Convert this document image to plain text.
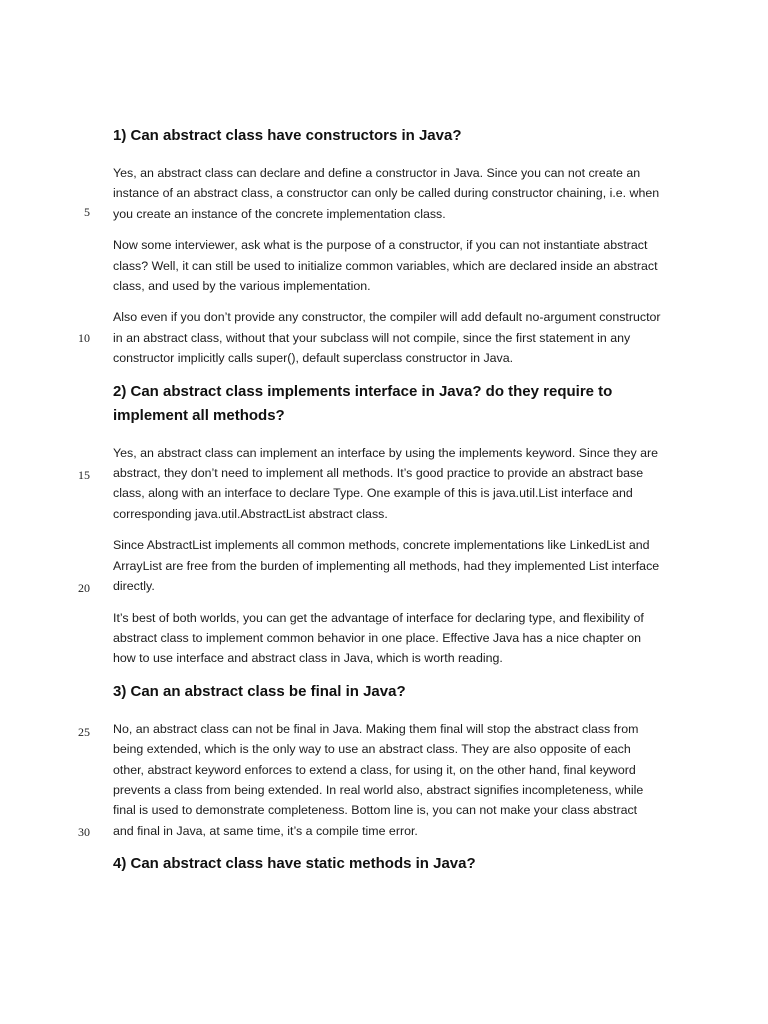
5
10
15
20
25
30
1) Can abstract class have constructors in Java?

Yes, an abstract class can declare and define a constructor in Java. Since you can not create an instance of an abstract class, a constructor can only be called during constructor chaining, i.e. when you create an instance of the concrete implementation class.

Now some interviewer, ask what is the purpose of a constructor, if you can not instantiate abstract class? Well, it can still be used to initialize common variables, which are declared inside an abstract class, and used by the various implementation.

Also even if you don’t provide any constructor, the compiler will add default no-argument constructor in an abstract class, without that your subclass will not compile, since the first statement in any constructor implicitly calls super(), default superclass constructor in Java.

2) Can abstract class implements interface in Java? do they require to implement all methods?

Yes, an abstract class can implement an interface by using the implements keyword. Since they are abstract, they don’t need to implement all methods. It’s good practice to provide an abstract base class, along with an interface to declare Type. One example of this is java.util.List interface and corresponding java.util.AbstractList abstract class.

Since AbstractList implements all common methods, concrete implementations like LinkedList and ArrayList are free from the burden of implementing all methods, had they implemented List interface directly.

It’s best of both worlds, you can get the advantage of interface for declaring type, and flexibility of abstract class to implement common behavior in one place. Effective Java has a nice chapter on how to use interface and abstract class in Java, which is worth reading.

3) Can an abstract class be final in Java?

No, an abstract class can not be final in Java. Making them final will stop the abstract class from being extended, which is the only way to use an abstract class. They are also opposite of each other, abstract keyword enforces to extend a class, for using it, on the other hand, final keyword prevents a class from being extended. In real world also, abstract signifies incompleteness, while final is used to demonstrate completeness. Bottom line is, you can not make your class abstract and final in Java, at same time, it’s a compile time error.

4) Can abstract class have static methods in Java?
